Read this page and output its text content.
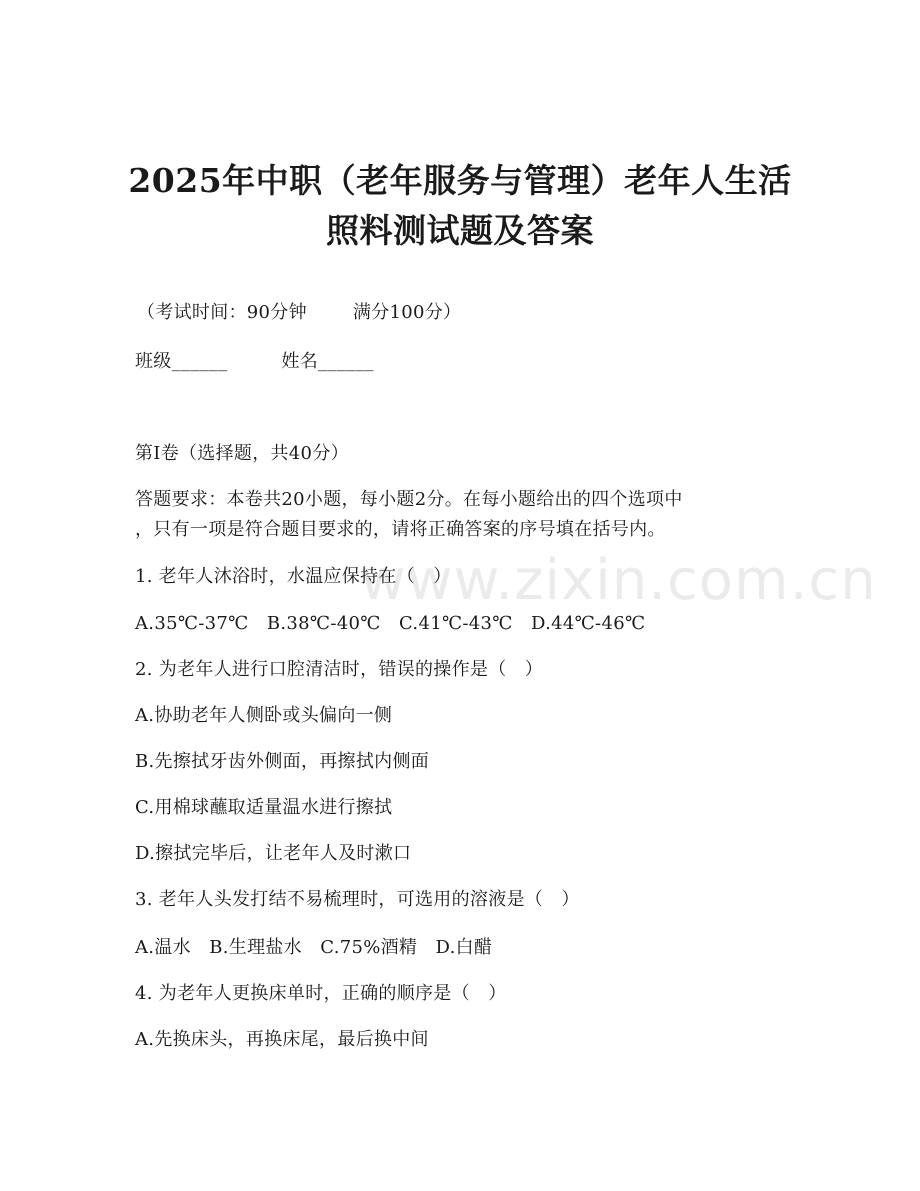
2025年中职（老年服务与管理）老年人生活
照料测试题及答案
（考试时间：90分钟	满分100分）
班级______	姓名______
第Ⅰ卷（选择题，共40分）
答题要求：本卷共20小题，每小题2分。在每小题给出的四个选项中
，只有一项是符合题目要求的，请将正确答案的序号填在括号内。
1. 老年人沐浴时，水温应保持在（　）
A.35℃-37℃　B.38℃-40℃　C.41℃-43℃　D.44℃-46℃
2. 为老年人进行口腔清洁时，错误的操作是（　）
A.协助老年人侧卧或头偏向一侧
B.先擦拭牙齿外侧面，再擦拭内侧面
C.用棉球蘸取适量温水进行擦拭
D.擦拭完毕后，让老年人及时漱口
3. 老年人头发打结不易梳理时，可选用的溶液是（　）
A.温水　B.生理盐水　C.75%酒精　D.白醋
4. 为老年人更换床单时，正确的顺序是（　）
A.先换床头，再换床尾，最后换中间
www.zixin.com.cn
